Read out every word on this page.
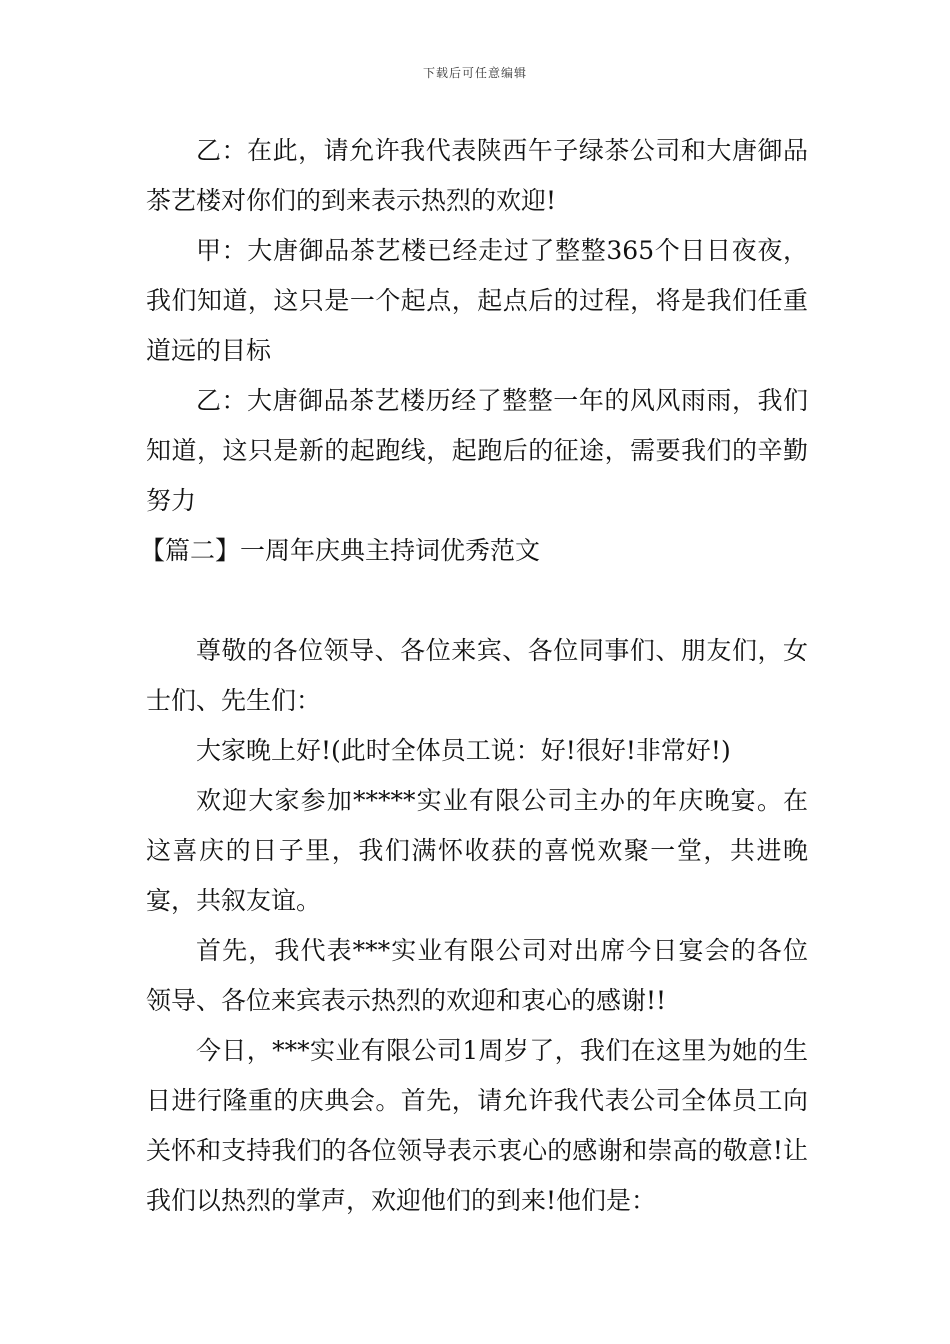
下载后可任意编辑

乙：在此，请允许我代表陕西午子绿茶公司和大唐御品茶艺楼对你们的到来表示热烈的欢迎!

甲：大唐御品茶艺楼已经走过了整整365个日日夜夜，我们知道，这只是一个起点，起点后的过程，将是我们任重道远的目标

乙：大唐御品茶艺楼历经了整整一年的风风雨雨，我们知道，这只是新的起跑线，起跑后的征途，需要我们的辛勤努力

【篇二】一周年庆典主持词优秀范文

尊敬的各位领导、各位来宾、各位同事们、朋友们，女士们、先生们：

大家晚上好!(此时全体员工说：好!很好!非常好!)

欢迎大家参加*****实业有限公司主办的年庆晚宴。在这喜庆的日子里，我们满怀收获的喜悦欢聚一堂，共进晚宴，共叙友谊。

首先，我代表***实业有限公司对出席今日宴会的各位领导、各位来宾表示热烈的欢迎和衷心的感谢!!

今日，***实业有限公司1周岁了，我们在这里为她的生日进行隆重的庆典会。首先，请允许我代表公司全体员工向关怀和支持我们的各位领导表示衷心的感谢和崇高的敬意!让我们以热烈的掌声，欢迎他们的到来!他们是：
